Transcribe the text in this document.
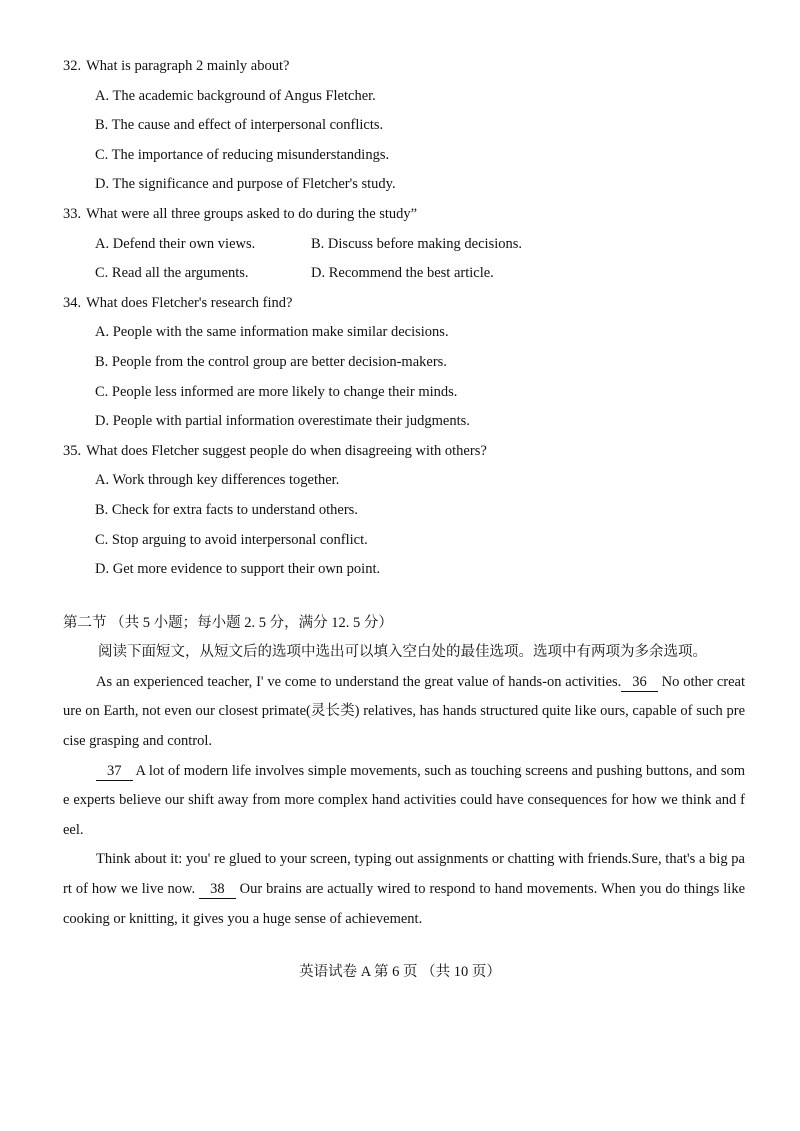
32. What is paragraph 2 mainly about?
A. The academic background of Angus Fletcher.
B. The cause and effect of interpersonal conflicts.
C. The importance of reducing misunderstandings.
D. The significance and purpose of Fletcher's study.
33. What were all three groups asked to do during the study”
A. Defend their own views.	B. Discuss before making decisions.
C. Read all the arguments.	D. Recommend the best article.
34. What does Fletcher's research find?
A. People with the same information make similar decisions.
B. People from the control group are better decision-makers.
C. People less informed are more likely to change their minds.
D. People with partial information overestimate their judgments.
35. What does Fletcher suggest people do when disagreeing with others?
A. Work through key differences together.
B. Check for extra facts to understand others.
C. Stop arguing to avoid interpersonal conflict.
D. Get more evidence to support their own point.
第二节 （共 5 小题；每小题 2. 5 分，满分 12. 5 分）

阅读下面短文，从短文后的选项中选出可以填入空白处的最佳选项。选项中有两项为多余选项。

As an experienced teacher, I' ve come to understand the great value of hands-on activities. 36 No other creature on Earth, not even our closest primate(灵长类) relatives, has hands structured quite like ours, capable of such precise grasping and control.

37 A lot of modern life involves simple movements, such as touching screens and pushing buttons, and some experts believe our shift away from more complex hand activities could have consequences for how we think and feel.

Think about it: you' re glued to your screen, typing out assignments or chatting with friends.Sure, that's a big part of how we live now. 38 Our brains are actually wired to respond to hand movements. When you do things like cooking or knitting, it gives you a huge sense of achievement.

英语试卷 A 第 6 页 （共 10 页）
